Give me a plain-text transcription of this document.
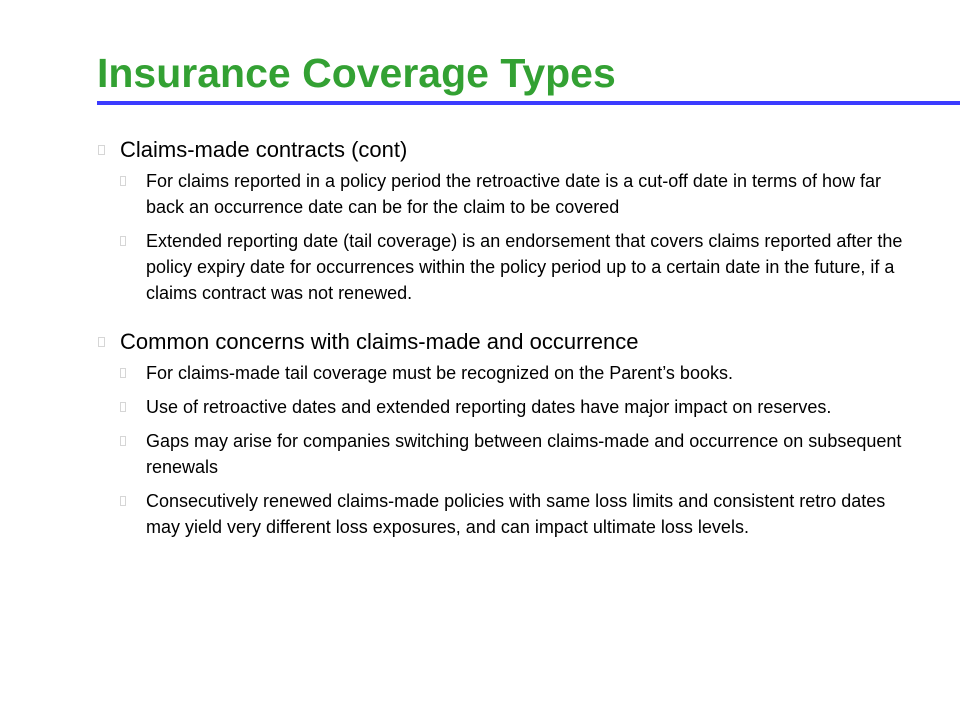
Insurance Coverage Types
Claims-made contracts (cont)
For claims reported in a policy period the retroactive date is a cut-off date in terms of how far back an occurrence date can be for the claim to be covered
Extended reporting date (tail coverage) is an endorsement that covers claims reported after the policy expiry date for occurrences within the policy period up to a certain date in the future, if a claims contract was not renewed.
Common concerns with claims-made and occurrence
For claims-made tail coverage must be recognized on the Parent’s books.
Use of retroactive dates and extended reporting dates have major impact on reserves.
Gaps may arise for companies switching between claims-made and occurrence on subsequent renewals
Consecutively renewed claims-made policies with same loss limits and consistent retro dates may yield very different loss exposures, and can impact ultimate loss levels.
